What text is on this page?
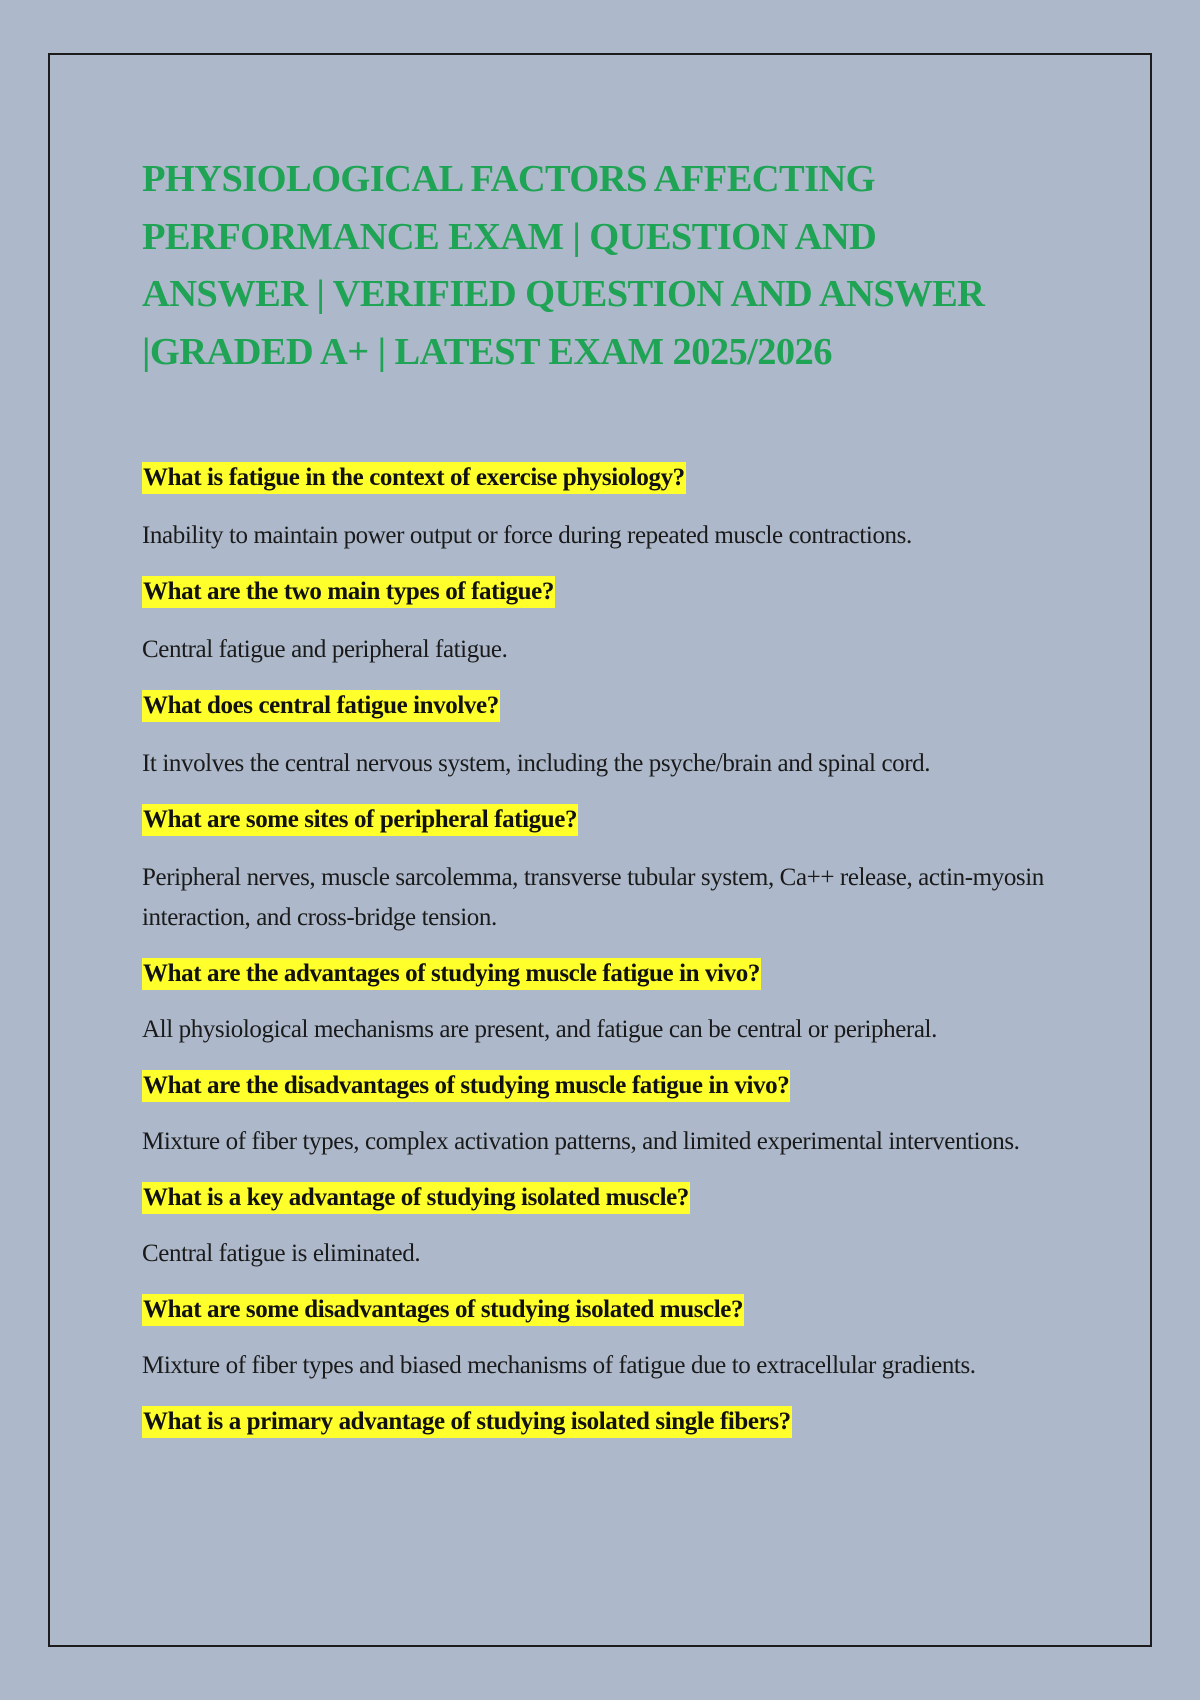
PHYSIOLOGICAL FACTORS AFFECTING
PERFORMANCE EXAM | QUESTION AND
ANSWER | VERIFIED QUESTION AND ANSWER
|GRADED A+ | LATEST EXAM 2025/2026

What is fatigue in the context of exercise physiology?

Inability to maintain power output or force during repeated muscle contractions.

What are the two main types of fatigue?

Central fatigue and peripheral fatigue.

What does central fatigue involve?

It involves the central nervous system, including the psyche/brain and spinal cord.

What are some sites of peripheral fatigue?

Peripheral nerves, muscle sarcolemma, transverse tubular system, Ca++ release, actin-myosin interaction, and cross-bridge tension.

What are the advantages of studying muscle fatigue in vivo?

All physiological mechanisms are present, and fatigue can be central or peripheral.

What are the disadvantages of studying muscle fatigue in vivo?

Mixture of fiber types, complex activation patterns, and limited experimental interventions.

What is a key advantage of studying isolated muscle?

Central fatigue is eliminated.

What are some disadvantages of studying isolated muscle?

Mixture of fiber types and biased mechanisms of fatigue due to extracellular gradients.

What is a primary advantage of studying isolated single fibers?
